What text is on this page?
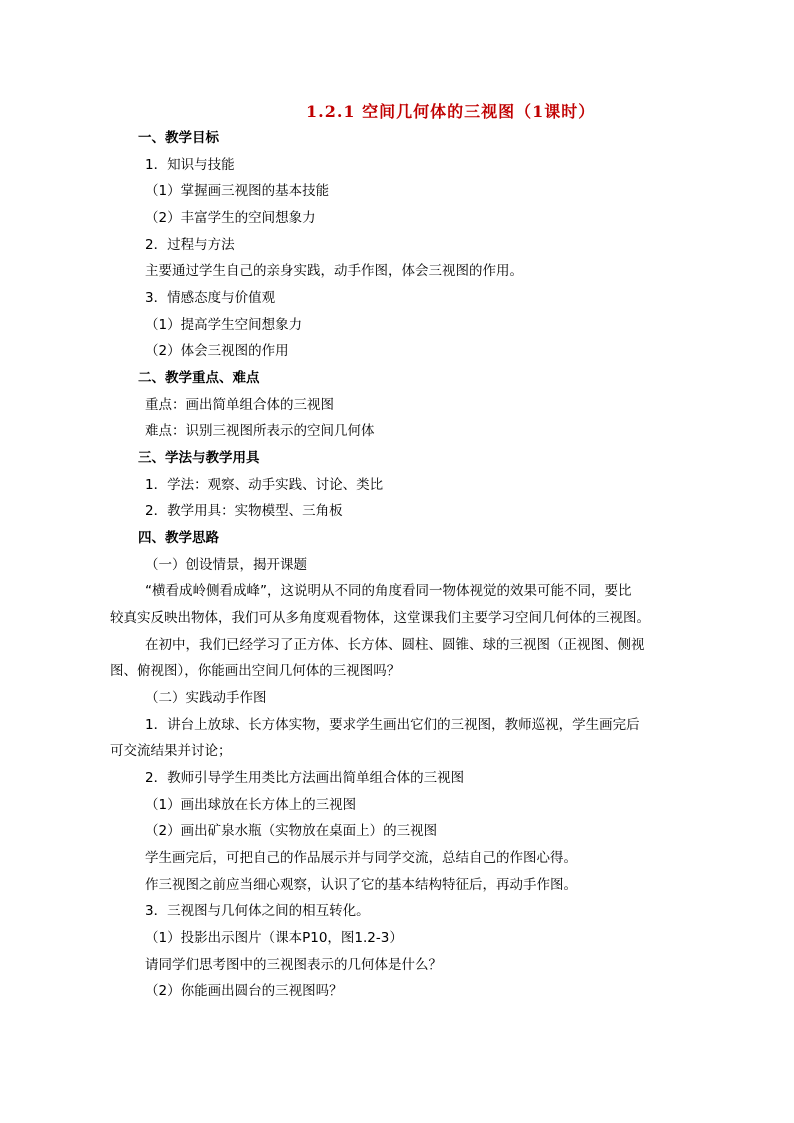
1.2.1 空间几何体的三视图（1课时）
一、教学目标
1．知识与技能
（1）掌握画三视图的基本技能
（2）丰富学生的空间想象力
2．过程与方法
主要通过学生自己的亲身实践，动手作图，体会三视图的作用。
3．情感态度与价值观
（1）提高学生空间想象力
（2）体会三视图的作用
二、教学重点、难点
重点：画出简单组合体的三视图
难点：识别三视图所表示的空间几何体
三、学法与教学用具
1．学法：观察、动手实践、讨论、类比
2．教学用具：实物模型、三角板
四、教学思路
（一）创设情景，揭开课题
“横看成岭侧看成峰”，这说明从不同的角度看同一物体视觉的效果可能不同，要比
较真实反映出物体，我们可从多角度观看物体，这堂课我们主要学习空间几何体的三视图。
在初中，我们已经学习了正方体、长方体、圆柱、圆锥、球的三视图（正视图、侧视
图、俯视图），你能画出空间几何体的三视图吗？
（二）实践动手作图
1．讲台上放球、长方体实物，要求学生画出它们的三视图，教师巡视，学生画完后
可交流结果并讨论；
2．教师引导学生用类比方法画出简单组合体的三视图
（1）画出球放在长方体上的三视图
（2）画出矿泉水瓶（实物放在桌面上）的三视图
学生画完后，可把自己的作品展示并与同学交流，总结自己的作图心得。
作三视图之前应当细心观察，认识了它的基本结构特征后，再动手作图。
3．三视图与几何体之间的相互转化。
（1）投影出示图片（课本P10，图1.2-3）
请同学们思考图中的三视图表示的几何体是什么？
（2）你能画出圆台的三视图吗？
